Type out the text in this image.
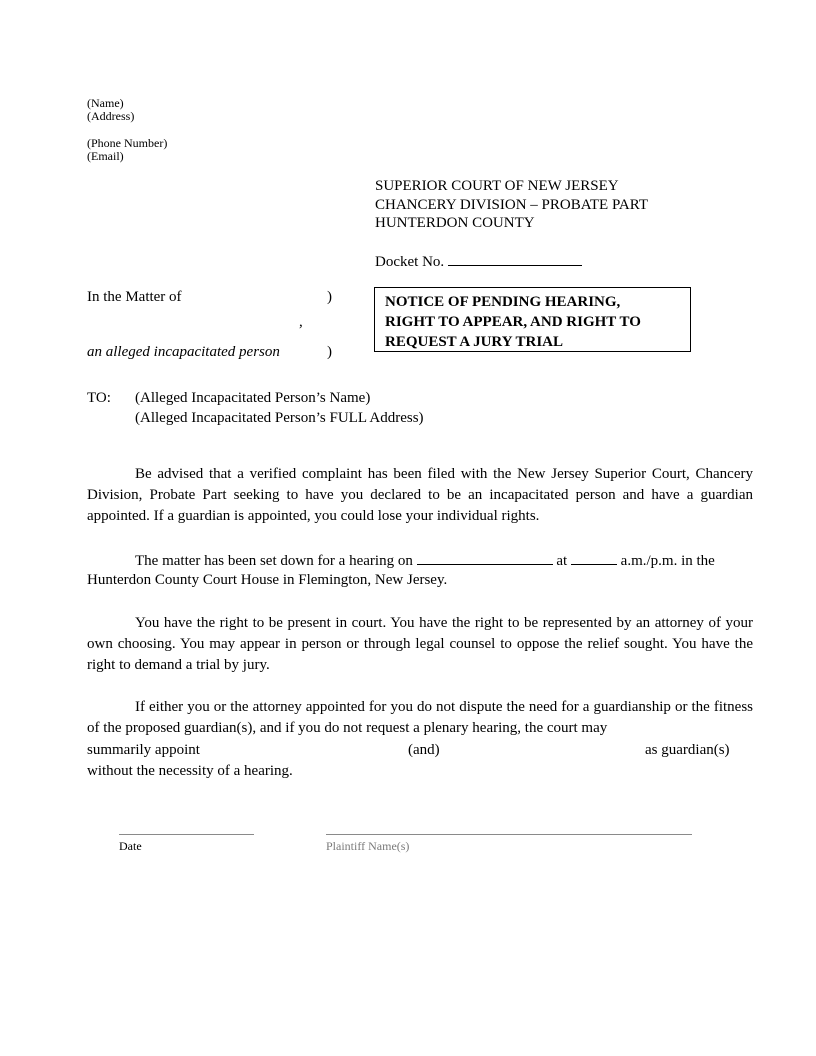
(Name)
(Address)
(Phone Number)
(Email)
SUPERIOR COURT OF NEW JERSEY
CHANCERY DIVISION – PROBATE PART
HUNTERDON COUNTY
Docket No.
In the Matter of	)
,
an alleged incapacitated person	)
NOTICE OF PENDING HEARING,
RIGHT TO APPEAR, AND RIGHT TO
REQUEST A JURY TRIAL
TO: (Alleged Incapacitated Person’s Name)
(Alleged Incapacitated Person’s FULL Address)
Be advised that a verified complaint has been filed with the New Jersey Superior Court, Chancery Division, Probate Part seeking to have you declared to be an incapacitated person and have a guardian appointed. If a guardian is appointed, you could lose your individual rights.
The matter has been set down for a hearing on	at	a.m./p.m. in the
Hunterdon County Court House in Flemington, New Jersey.
You have the right to be present in court. You have the right to be represented by an attorney of your own choosing. You may appear in person or through legal counsel to oppose the relief sought. You have the right to demand a trial by jury.
If either you or the attorney appointed for you do not dispute the need for a guardianship or the fitness of the proposed guardian(s), and if you do not request a plenary hearing, the court may
summarily appoint	(and)	as guardian(s)
without the necessity of a hearing.
Date	Plaintiff Name(s)
